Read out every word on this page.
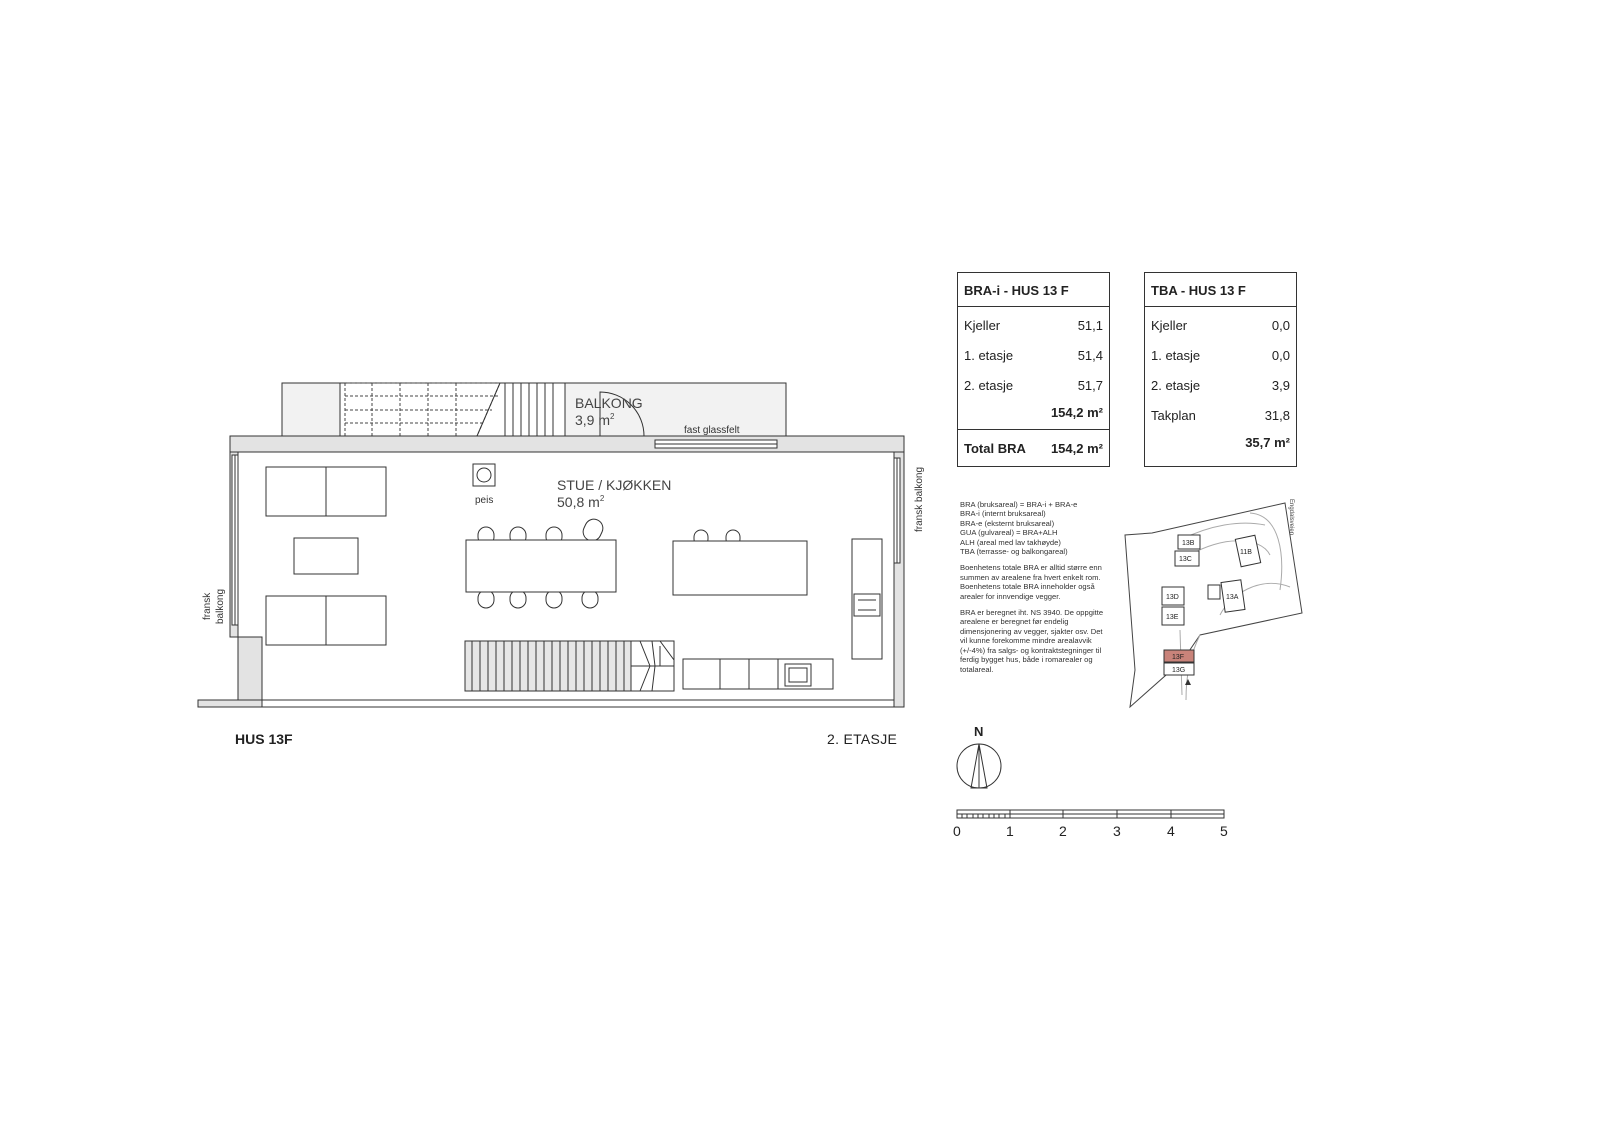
BALKONG
3,9 $m^2$
STUE / KJØKKEN
50,8 $m^2$
fast glassfelt
peis	fransk balkong
fransk balkong
HUS 13F	2. ETASJE
BRA-i - HUS 13 F
Kjeller	51,1
1. etasje	51,4
2. etasje	51,7
154,2 m²
Total BRA 154,2 m²
TBA - HUS 13 F
Kjeller	0,0
1. etasje	0,0
2. etasje	3,9
Takplan	31,8
35,7 m²

BRA (bruksareal) = BRA-i + BRA-e
BRA-i (internt bruksareal)
BRA-e (eksternt bruksareal)
GUA (gulvareal) = BRA+ALH
ALH (areal med lav takhøyde)
TBA (terrasse- og balkongareal)

Boenhetens totale BRA er alltid større enn summen av arealene fra hvert enkelt rom. Boenhetens totale BRA inneholder også arealer for innvendige vegger.

BRA er beregnet iht. NS 3940. De oppgitte arealene er beregnet før endelig dimensjonering av vegger, sjakter osv. Det vil kunne forekomme mindre arealavvik (+/-4%) fra salgs- og kontraktstegninger til ferdig bygget hus, både i romarealer og totalareal.

13B
13C
11B
13A
13D
13E
13F
13G
Engdalsveien
N
0	1	2	3	4	5
